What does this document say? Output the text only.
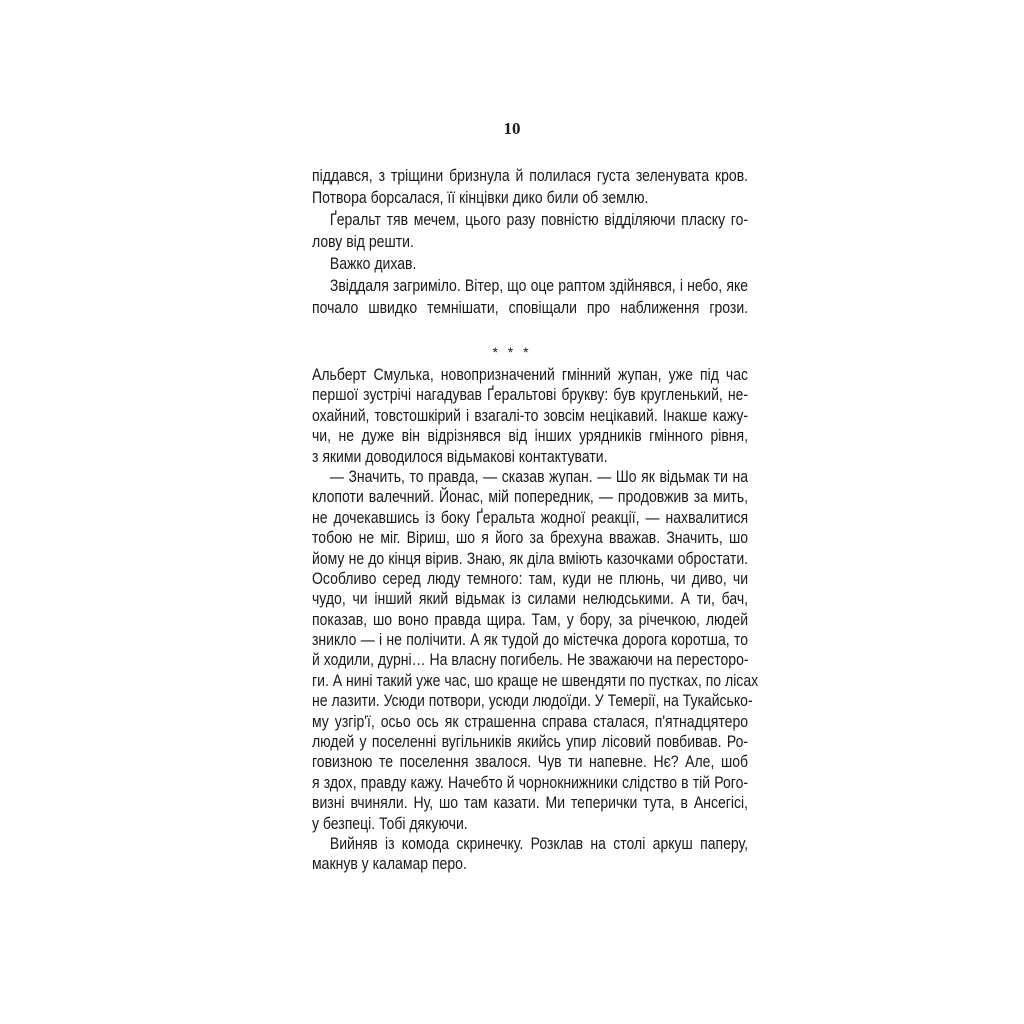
10
піддався, з тріщини бризнула й полилася густа зеленувата кров.
Потвора борсалася, її кінцівки дико били об землю.
Ґеральт тяв мечем, цього разу повністю відділяючи пласку го-
лову від решти.
Важко дихав.
Звіддаля загриміло. Вітер, що оце раптом здійнявся, і небо, яке
почало швидко темнішати, сповіщали про наближення грози.
* * *
Альберт Смулька, новопризначений гмінний жупан, уже під час
першої зустрічі нагадував Ґеральтові брукву: був кругленький, не-
охайний, товстошкірий і взагалі-то зовсім нецікавий. Інакше кажу-
чи, не дуже він відрізнявся від інших урядників гмінного рівня,
з якими доводилося відьмакові контактувати.
— Значить, то правда, — сказав жупан. — Шо як відьмак ти на
клопоти валечний. Йонас, мій попередник, — продовжив за мить,
не дочекавшись із боку Ґеральта жодної реакції, — нахвалитися
тобою не міг. Віриш, шо я його за брехуна вважав. Значить, шо
йому не до кінця вірив. Знаю, як діла вміють казочками обростати.
Особливо серед люду темного: там, куди не плюнь, чи диво, чи
чудо, чи інший який відьмак із силами нелюдськими. А ти, бач,
показав, шо воно правда щира. Там, у бору, за річечкою, людей
зникло — і не полічити. А як тудой до містечка дорога коротша, то
й ходили, дурні… На власну погибель. Не зважаючи на пересторо-
ги. А нині такий уже час, шо краще не швендяти по пустках, по лісах
не лазити. Усюди потвори, усюди людоїди. У Темерії, на Тукайсько-
му узгір'ї, осьо ось як страшенна справа сталася, п'ятнадцятеро
людей у поселенні вугільників якийсь упир лісовий повбивав. Ро-
говизною те поселення звалося. Чув ти напевне. Нє? Але, шоб
я здох, правду кажу. Начебто й чорнокнижники слідство в тій Рого-
визні вчиняли. Ну, шо там казати. Ми теперички тута, в Ансегісі,
у безпеці. Тобі дякуючи.
Вийняв із комода скринечку. Розклав на столі аркуш паперу,
макнув у каламар перо.
